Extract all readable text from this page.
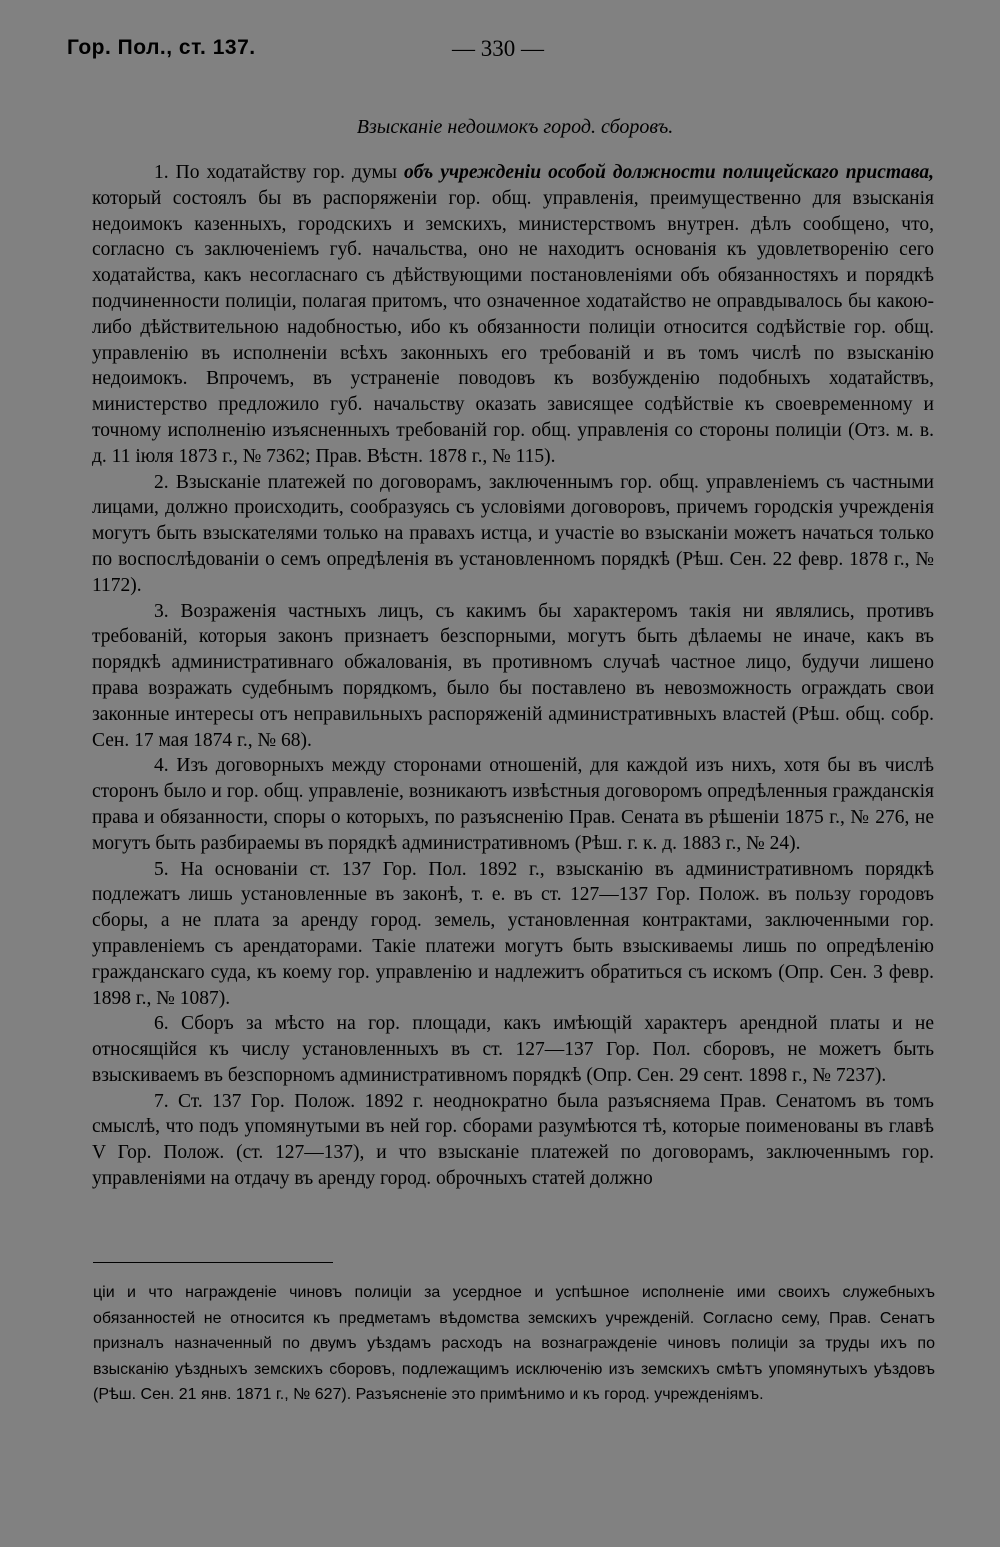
Гор. Пол., ст. 137.	— 330 —
Взысканіе недоимокъ город. сборовъ.

1. По ходатайству гор. думы объ учрежденіи особой должности полицейскаго пристава, который состоялъ бы въ распоряженіи гор. общ. управленія, преимущественно для взысканія недоимокъ казенныхъ, городскихъ и земскихъ, министерствомъ внутрен. дѣлъ сообщено, что, согласно съ заключеніемъ губ. начальства, оно не находитъ основанія къ удовлетворенію сего ходатайства, какъ несогласнаго съ дѣйствующими постановленіями объ обязанностяхъ и порядкѣ подчиненности полиціи, полагая притомъ, что означенное ходатайство не оправдывалось бы какою-либо дѣйствительною надобностью, ибо къ обязанности полиціи относится содѣйствіе гор. общ. управленію въ исполненіи всѣхъ законныхъ его требованій и въ томъ числѣ по взысканію недоимокъ. Впрочемъ, въ устраненіе поводовъ къ возбужденію подобныхъ ходатайствъ, министерство предложило губ. начальству оказать зависящее содѣйствіе къ своевременному и точному исполненію изъясненныхъ требованій гор. общ. управленія со стороны полиціи (Отз. м. в. д. 11 іюля 1873 г., № 7362; Прав. Вѣстн. 1878 г., № 115).

2. Взысканіе платежей по договорамъ, заключеннымъ гор. общ. управленіемъ съ частными лицами, должно происходить, сообразуясь съ условіями договоровъ, причемъ городскія учрежденія могутъ быть взыскателями только на правахъ истца, и участіе во взысканіи можетъ начаться только по воспослѣдованіи о семъ опредѣленія въ установленномъ порядкѣ (Рѣш. Сен. 22 февр. 1878 г., № 1172).

3. Возраженія частныхъ лицъ, съ какимъ бы характеромъ такія ни являлись, противъ требованій, которыя законъ признаетъ безспорными, могутъ быть дѣлаемы не иначе, какъ въ порядкѣ административнаго обжалованія, въ противномъ случаѣ частное лицо, будучи лишено права возражать судебнымъ порядкомъ, было бы поставлено въ невозможность ограждать свои законные интересы отъ неправильныхъ распоряженій административныхъ властей (Рѣш. общ. собр. Сен. 17 мая 1874 г., № 68).

4. Изъ договорныхъ между сторонами отношеній, для каждой изъ нихъ, хотя бы въ числѣ сторонъ было и гор. общ. управленіе, возникаютъ извѣстныя договоромъ опредѣленныя гражданскія права и обязанности, споры о которыхъ, по разъясненію Прав. Сената въ рѣшеніи 1875 г., № 276, не могутъ быть разбираемы въ порядкѣ административномъ (Рѣш. г. к. д. 1883 г., № 24).

5. На основаніи ст. 137 Гор. Пол. 1892 г., взысканію въ административномъ порядкѣ подлежатъ лишь установленные въ законѣ, т. е. въ ст. 127—137 Гор. Полож. въ пользу городовъ сборы, а не плата за аренду город. земель, установленная контрактами, заключенными гор. управленіемъ съ арендаторами. Такіе платежи могутъ быть взыскиваемы лишь по опредѣленію гражданскаго суда, къ коему гор. управленію и надлежитъ обратиться съ искомъ (Опр. Сен. 3 февр. 1898 г., № 1087).

6. Сборъ за мѣсто на гор. площади, какъ имѣющій характеръ арендной платы и не относящійся къ числу установленныхъ въ ст. 127—137 Гор. Пол. сборовъ, не можетъ быть взыскиваемъ въ безспорномъ административномъ порядкѣ (Опр. Сен. 29 сент. 1898 г., № 7237).

7. Ст. 137 Гор. Полож. 1892 г. неоднократно была разъясняема Прав. Сенатомъ въ томъ смыслѣ, что подъ упомянутыми въ ней гор. сборами разумѣются тѣ, которые поименованы въ главѣ V Гор. Полож. (ст. 127—137), и что взысканіе платежей по договорамъ, заключеннымъ гор. управленіями на отдачу въ аренду город. оброчныхъ статей должно

ціи и что награжденіе чиновъ полиціи за усердное и успѣшное исполненіе ими своихъ служебныхъ обязанностей не относится къ предметамъ вѣдомства земскихъ учрежденій. Согласно сему, Прав. Сенатъ призналъ назначенный по двумъ уѣздамъ расходъ на вознагражденіе чиновъ полиціи за труды ихъ по взысканію уѣздныхъ земскихъ сборовъ, подлежащимъ исключенію изъ земскихъ смѣтъ упомянутыхъ уѣздовъ (Рѣш. Сен. 21 янв. 1871 г., № 627). Разъясненіе это примѣнимо и къ город. учрежденіямъ.
